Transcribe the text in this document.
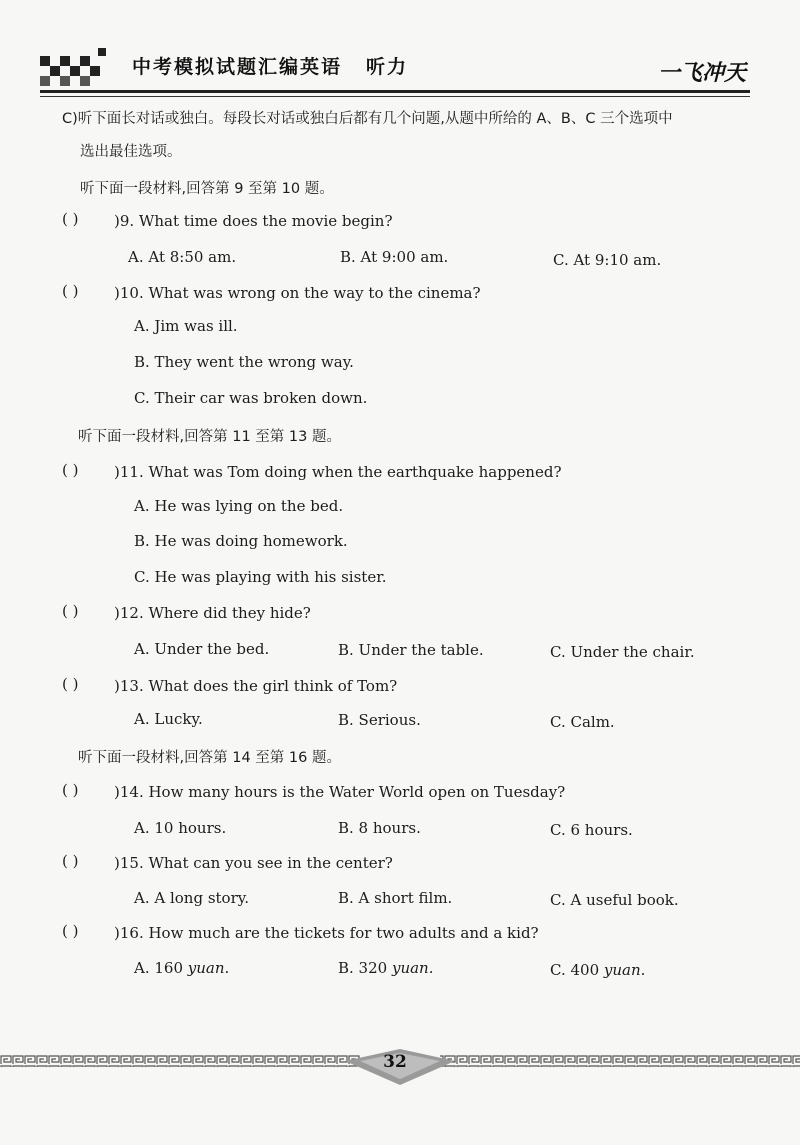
中考模拟试题汇编英语 听力	一飞冲天
C)听下面长对话或独白。每段长对话或独白后都有几个问题,从题中所给的 A、B、C 三个选项中
选出最佳选项。
听下面一段材料,回答第 9 至第 10 题。
( ) )9. What time does the movie begin?
A. At 8:50 am.	B. At 9:00 am.	C. At 9:10 am.
( ) )10. What was wrong on the way to the cinema?
A. Jim was ill.
B. They went the wrong way.
C. Their car was broken down.
听下面一段材料,回答第 11 至第 13 题。
( ) )11. What was Tom doing when the earthquake happened?
A. He was lying on the bed.
B. He was doing homework.
C. He was playing with his sister.
( ) )12. Where did they hide?
A. Under the bed.	B. Under the table.	C. Under the chair.
( ) )13. What does the girl think of Tom?
A. Lucky.	B. Serious.	C. Calm.
听下面一段材料,回答第 14 至第 16 题。
( ) )14. How many hours is the Water World open on Tuesday?
A. 10 hours.	B. 8 hours.	C. 6 hours.
( ) )15. What can you see in the center?
A. A long story.	B. A short film.	C. A useful book.
( ) )16. How much are the tickets for two adults and a kid?
A. 160 yuan.	B. 320 yuan.	C. 400 yuan.
32
